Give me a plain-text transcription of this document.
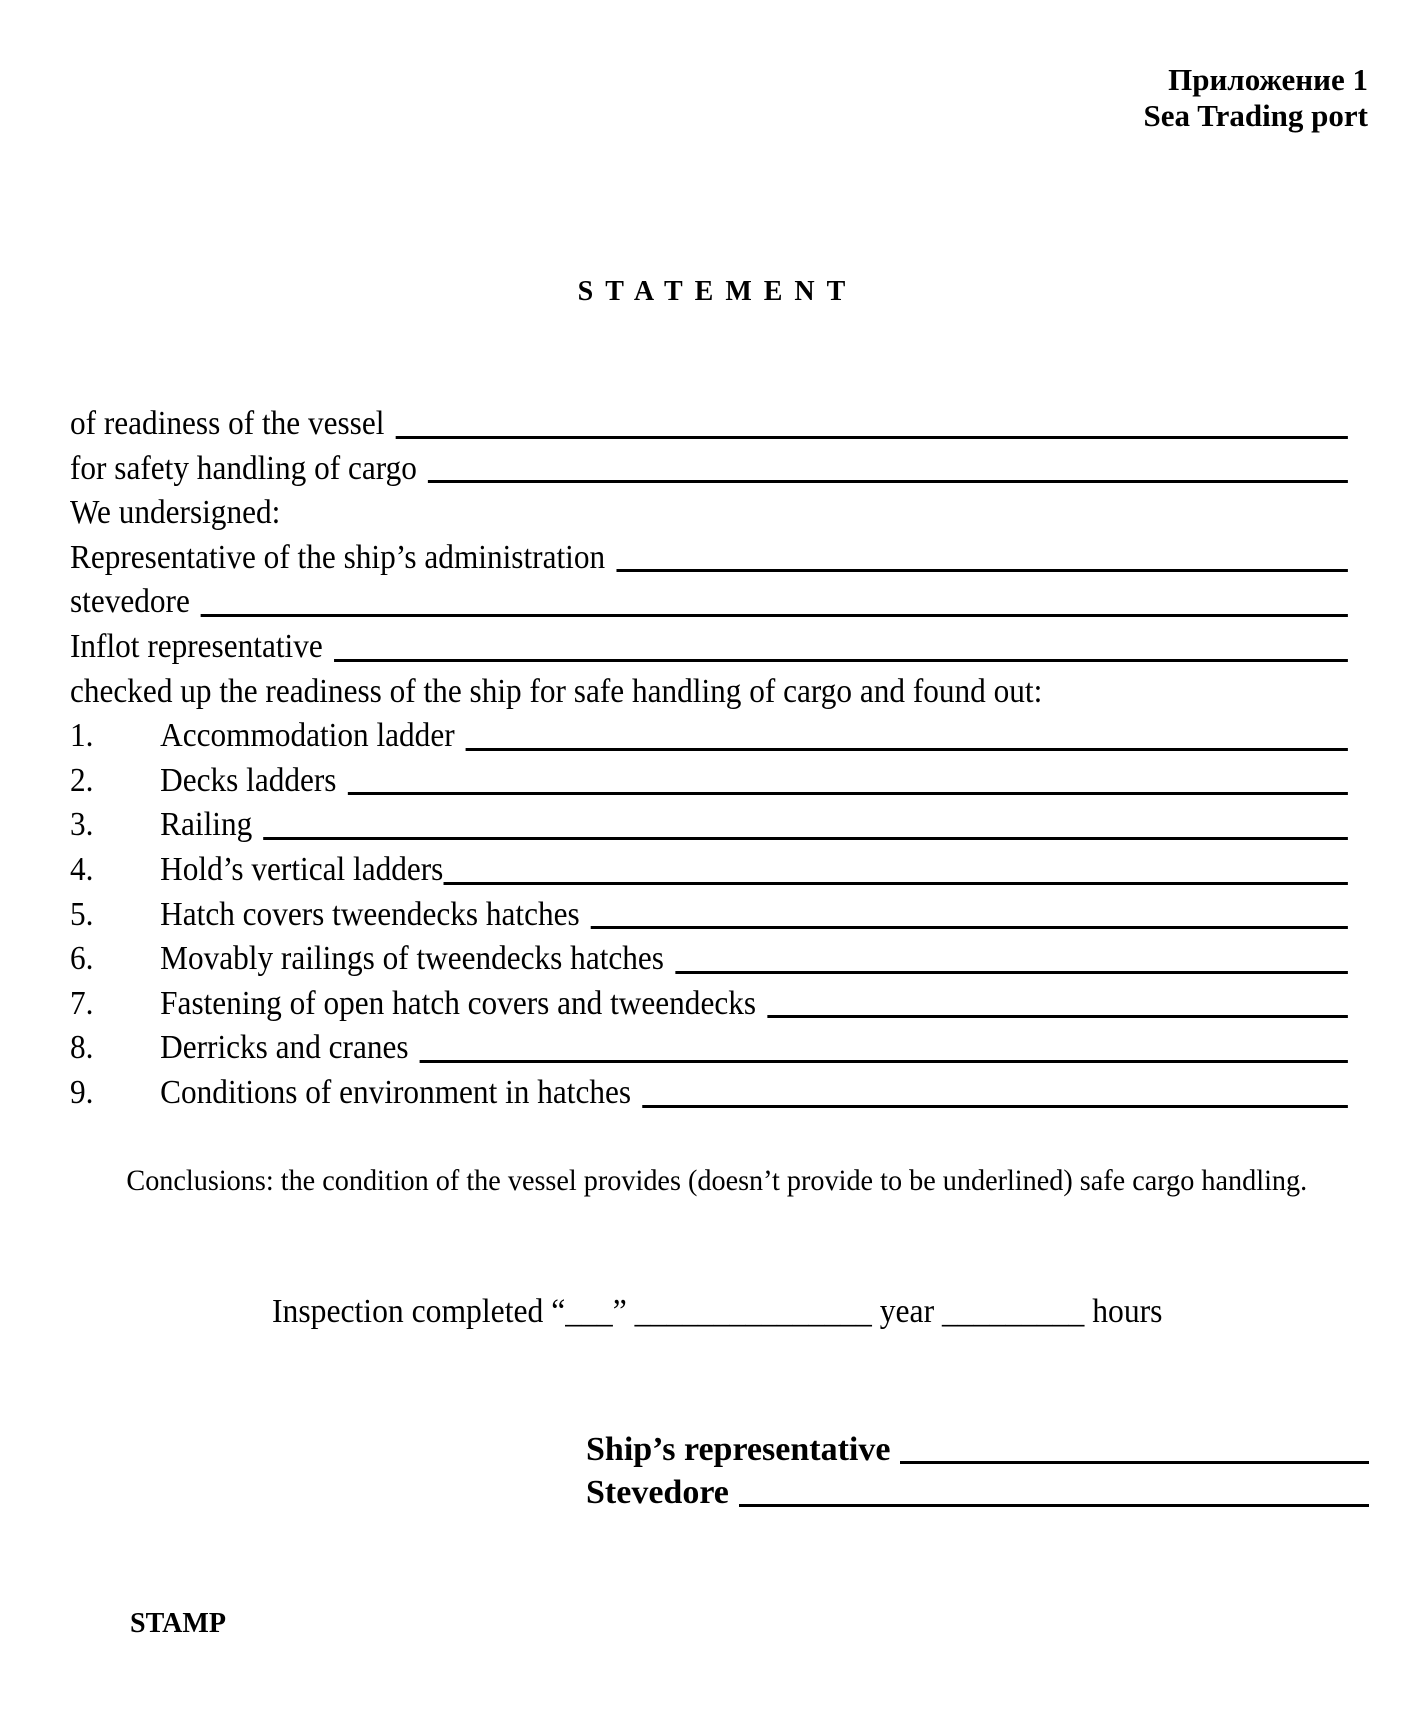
Приложение 1
Sea Trading port
STATEMENT
of readiness of the vessel
for safety handling of cargo
We undersigned:
Representative of the ship’s administration
stevedore
Inflot representative
checked up the readiness of the ship for safe handling of cargo and found out:
1.	Accommodation ladder
2.	Decks ladders
3.	Railing
4.	Hold’s vertical ladders
5.	Hatch covers tweendecks hatches
6.	Movably railings of tweendecks hatches
7.	Fastening of open hatch covers and tweendecks
8.	Derricks and cranes
9.	Conditions of environment in hatches
Conclusions: the condition of the vessel provides (doesn’t provide to be underlined) safe cargo handling.
Inspection completed “___” _______________ year _________ hours
Ship’s representative
Stevedore
STAMP
